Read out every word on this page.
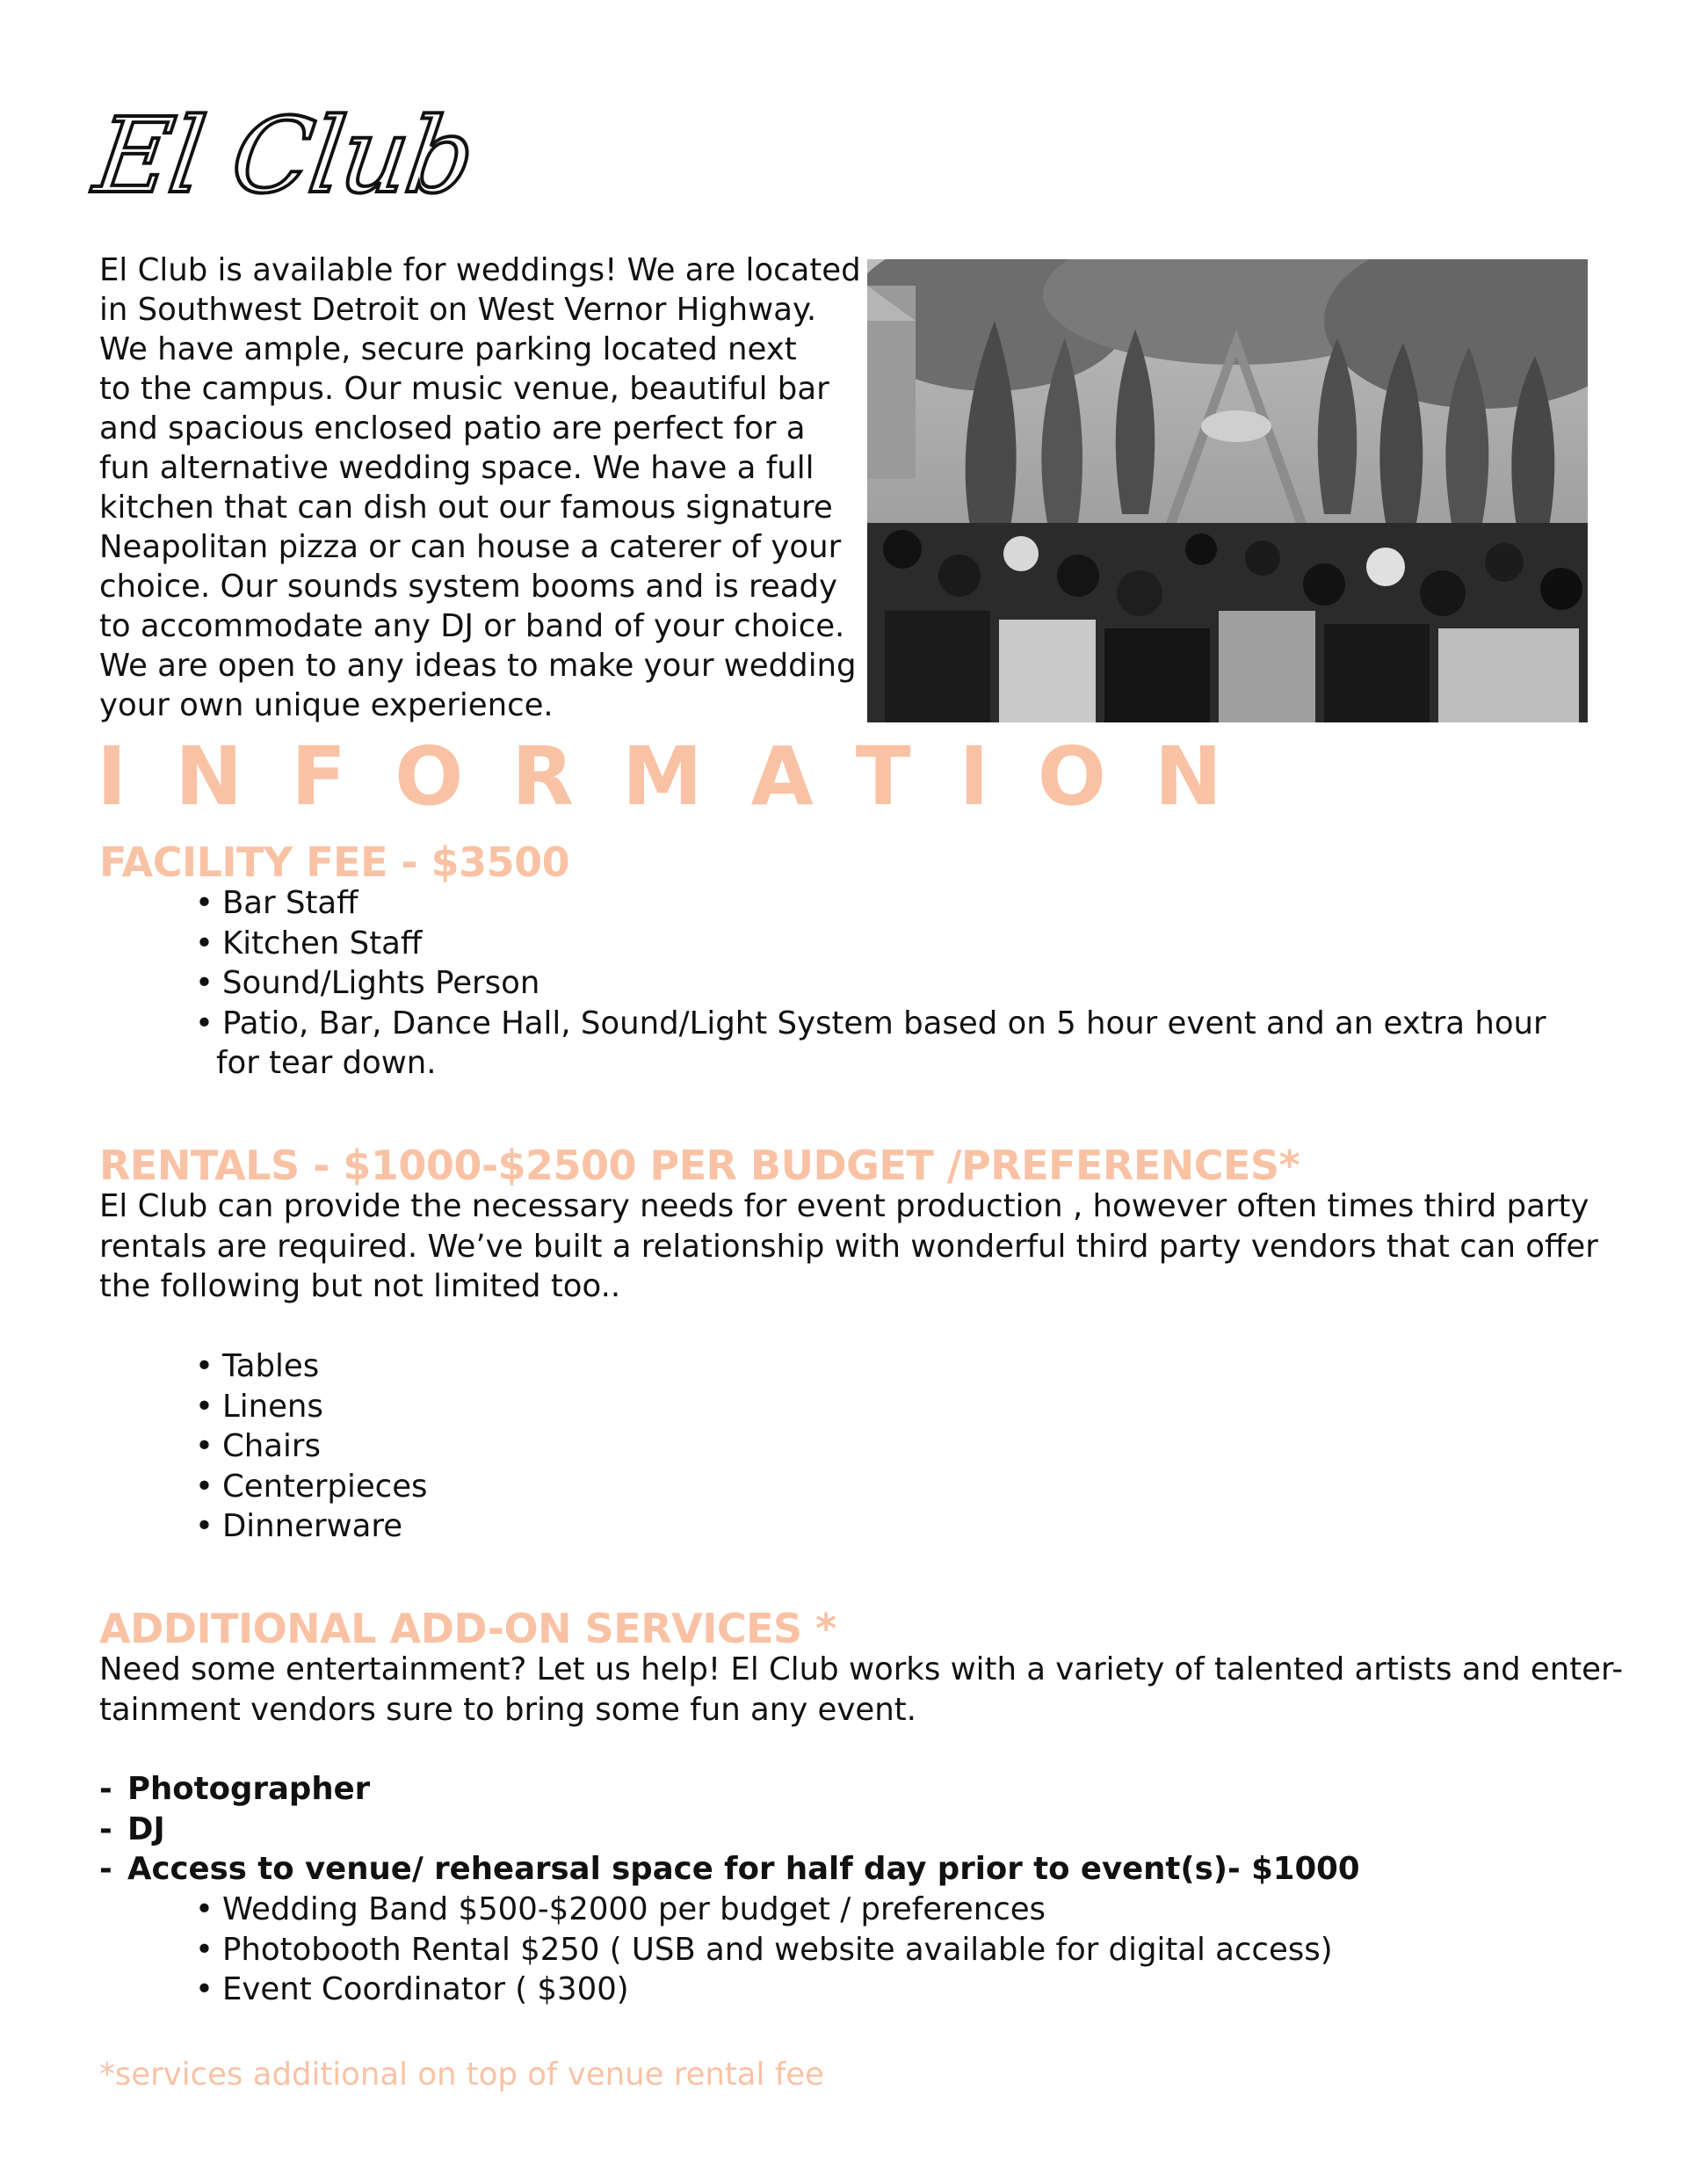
El Club

El Club is available for weddings! We are located
in Southwest Detroit on West Vernor Highway.
We have ample, secure parking located next
to the campus. Our music venue, beautiful bar
and spacious enclosed patio are perfect for a
fun alternative wedding space. We have a full
kitchen that can dish out our famous signature
Neapolitan pizza or can house a caterer of your
choice. Our sounds system booms and is ready
to accommodate any DJ or band of your choice.
We are open to any ideas to make your wedding
your own unique experience.

INFORMATION
FACILITY FEE - $3500
• Bar Staff
• Kitchen Staff
• Sound/Lights Person
• Patio, Bar, Dance Hall, Sound/Light System based on 5 hour event and an extra hour
for tear down.
RENTALS - $1000-$2500 PER BUDGET /PREFERENCES*

El Club can provide the necessary needs for event production , however often times third party
rentals are required. We’ve built a relationship with wonderful third party vendors that can offer
the following but not limited too..

• Tables
• Linens
• Chairs
• Centerpieces
• Dinnerware
ADDITIONAL ADD-ON SERVICES *

Need some entertainment? Let us help! El Club works with a variety of talented artists and enter-
tainment vendors sure to bring some fun any event.

- Photographer
- DJ
- Access to venue/ rehearsal space for half day prior to event(s)- $1000
• Wedding Band $500-$2000 per budget / preferences
• Photobooth Rental $250 ( USB and website available for digital access)
• Event Coordinator ( $300)
*services additional on top of venue rental fee
